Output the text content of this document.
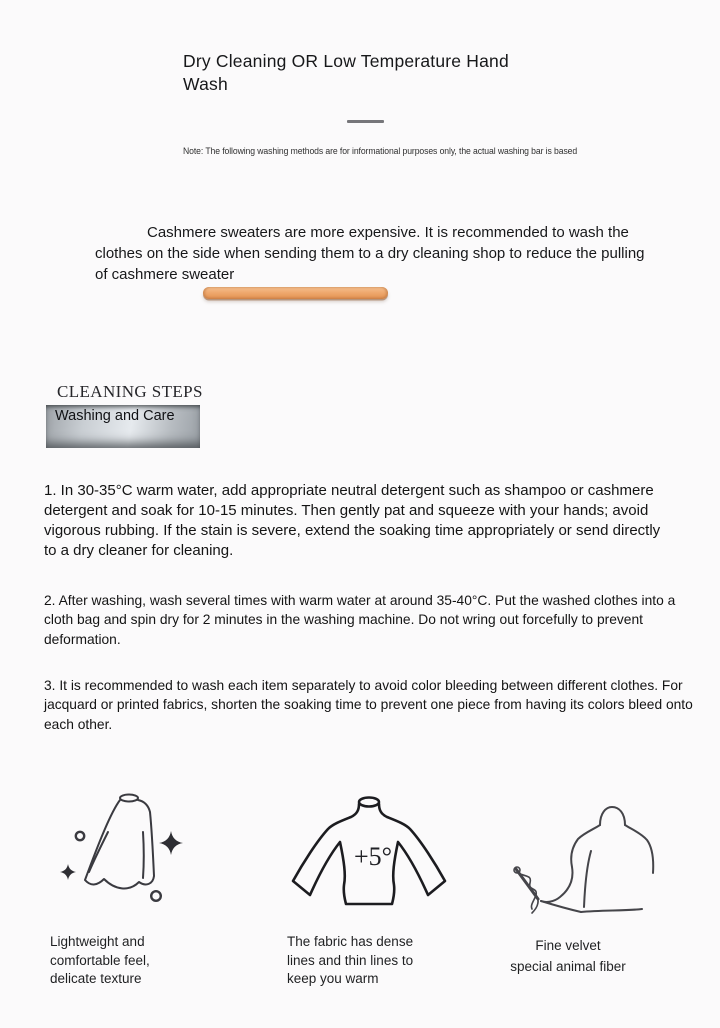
Dry Cleaning OR Low Temperature Hand Wash
Note: The following washing methods are for informational purposes only, the actual washing bar is based
Cashmere sweaters are more expensive. It is recommended to wash the clothes on the side when sending them to a dry cleaning shop to reduce the pulling of cashmere sweater
CLEANING STEPS
Washing and Care
1. In 30-35°C warm water, add appropriate neutral detergent such as shampoo or cashmere detergent and soak for 10-15 minutes. Then gently pat and squeeze with your hands; avoid vigorous rubbing. If the stain is severe, extend the soaking time appropriately or send directly to a dry cleaner for cleaning.
2. After washing, wash several times with warm water at around 35-40°C. Put the washed clothes into a cloth bag and spin dry for 2 minutes in the washing machine. Do not wring out forcefully to prevent deformation.
3. It is recommended to wash each item separately to avoid color bleeding between different clothes. For jacquard or printed fabrics, shorten the soaking time to prevent one piece from having its colors bleed onto each other.
+5°
Lightweight and
comfortable feel,
delicate texture
The fabric has dense
lines and thin lines to
keep you warm
Fine velvet
special animal fiber
